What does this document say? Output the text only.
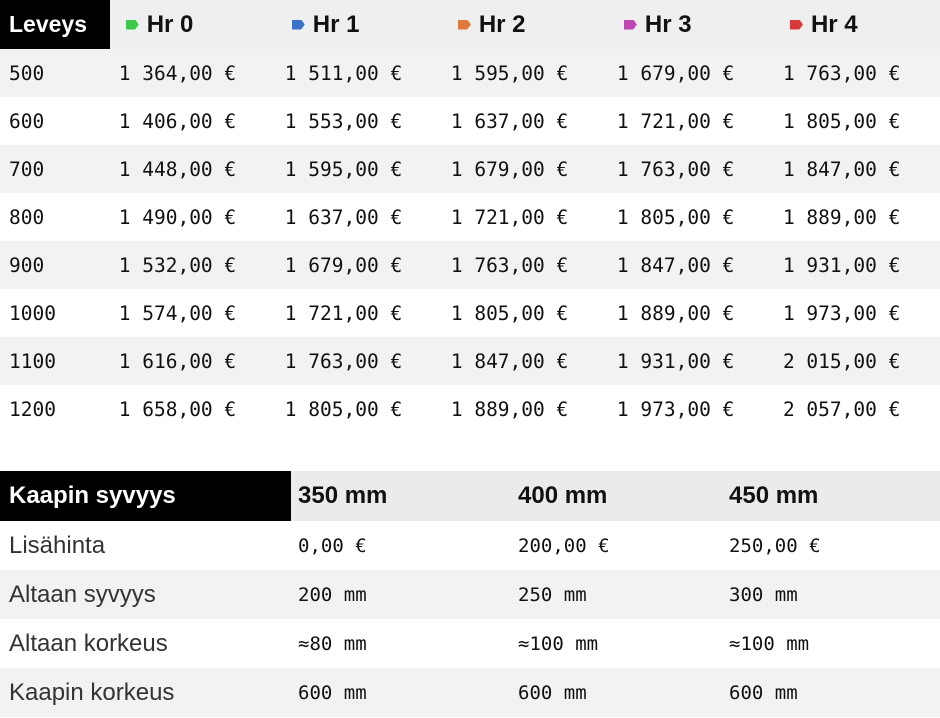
Leveys	Hr 0	Hr 1	Hr 2	Hr 3	Hr 4
500	1 364,00 €	1 511,00 €	1 595,00 €	1 679,00 €	1 763,00 €
600	1 406,00 €	1 553,00 €	1 637,00 €	1 721,00 €	1 805,00 €
700	1 448,00 €	1 595,00 €	1 679,00 €	1 763,00 €	1 847,00 €
800	1 490,00 €	1 637,00 €	1 721,00 €	1 805,00 €	1 889,00 €
900	1 532,00 €	1 679,00 €	1 763,00 €	1 847,00 €	1 931,00 €
1000	1 574,00 €	1 721,00 €	1 805,00 €	1 889,00 €	1 973,00 €
1100	1 616,00 €	1 763,00 €	1 847,00 €	1 931,00 €	2 015,00 €
1200	1 658,00 €	1 805,00 €	1 889,00 €	1 973,00 €	2 057,00 €
Kaapin syvyys	350 mm	400 mm	450 mm
Lisähinta	0,00 €	200,00 €	250,00 €
Altaan syvyys	200 mm	250 mm	300 mm
Altaan korkeus	≈80 mm	≈100 mm	≈100 mm
Kaapin korkeus	600 mm	600 mm	600 mm
